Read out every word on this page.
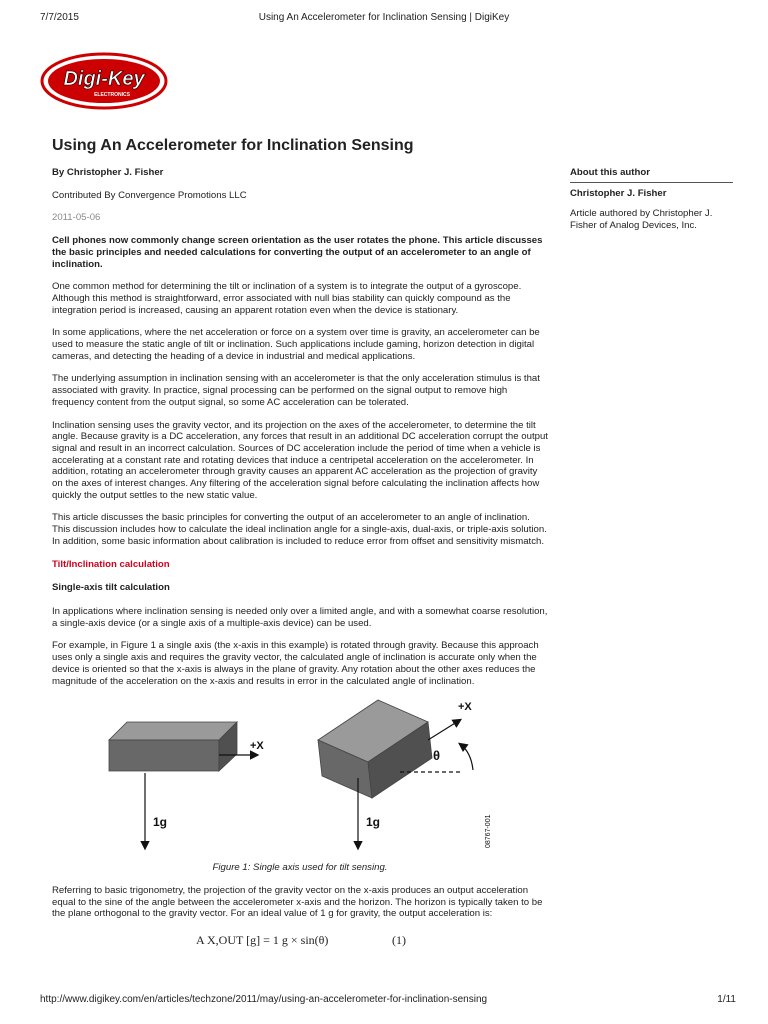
7/7/2015	Using An Accelerometer for Inclination Sensing | DigiKey
Digi-Key
ELECTRONICS
Using An Accelerometer for Inclination Sensing

By Christopher J. Fisher

Contributed By Convergence Promotions LLC

2011-05-06

Cell phones now commonly change screen orientation as the user rotates the phone. This article discusses the basic principles and needed calculations for converting the output of an accelerometer to an angle of inclination.

One common method for determining the tilt or inclination of a system is to integrate the output of a gyroscope. Although this method is straightforward, error associated with null bias stability can quickly compound as the integration period is increased, causing an apparent rotation even when the device is stationary.

In some applications, where the net acceleration or force on a system over time is gravity, an accelerometer can be used to measure the static angle of tilt or inclination. Such applications include gaming, horizon detection in digital cameras, and detecting the heading of a device in industrial and medical applications.

The underlying assumption in inclination sensing with an accelerometer is that the only acceleration stimulus is that associated with gravity. In practice, signal processing can be performed on the signal output to remove high frequency content from the output signal, so some AC acceleration can be tolerated.

Inclination sensing uses the gravity vector, and its projection on the axes of the accelerometer, to determine the tilt angle. Because gravity is a DC acceleration, any forces that result in an additional DC acceleration corrupt the output signal and result in an incorrect calculation. Sources of DC acceleration include the period of time when a vehicle is accelerating at a constant rate and rotating devices that induce a centripetal acceleration on the accelerometer. In addition, rotating an accelerometer through gravity causes an apparent AC acceleration as the projection of gravity on the axes of interest changes. Any filtering of the acceleration signal before calculating the inclination affects how quickly the output settles to the new static value.

This article discusses the basic principles for converting the output of an accelerometer to an angle of inclination. This discussion includes how to calculate the ideal inclination angle for a single-axis, dual-axis, or triple-axis solution. In addition, some basic information about calibration is included to reduce error from offset and sensitivity mismatch.

Tilt/Inclination calculation
Single-axis tilt calculation

In applications where inclination sensing is needed only over a limited angle, and with a somewhat coarse resolution, a single-axis device (or a single axis of a multiple-axis device) can be used.

For example, in Figure 1 a single axis (the x-axis in this example) is rotated through gravity. Because this approach uses only a single axis and requires the gravity vector, the calculated angle of inclination is accurate only when the device is oriented so that the x-axis is always in the plane of gravity. Any rotation about the other axes reduces the magnitude of the acceleration on the x-axis and results in error in the calculated angle of inclination.

+X
1g
+X
θ
1g	08767-001

Figure 1: Single axis used for tilt sensing.

Referring to basic trigonometry, the projection of the gravity vector on the x-axis produces an output acceleration equal to the sine of the angle between the accelerometer x-axis and the horizon. The horizon is typically taken to be the plane orthogonal to the gravity vector. For an ideal value of 1 g for gravity, the output acceleration is:

A X,OUT [g] = 1 g × sin(θ)	(1)
About this author
Christopher J. Fisher
Article authored by Christopher J. Fisher of Analog Devices, Inc.
http://www.digikey.com/en/articles/techzone/2011/may/using-an-accelerometer-for-inclination-sensing	1/11
